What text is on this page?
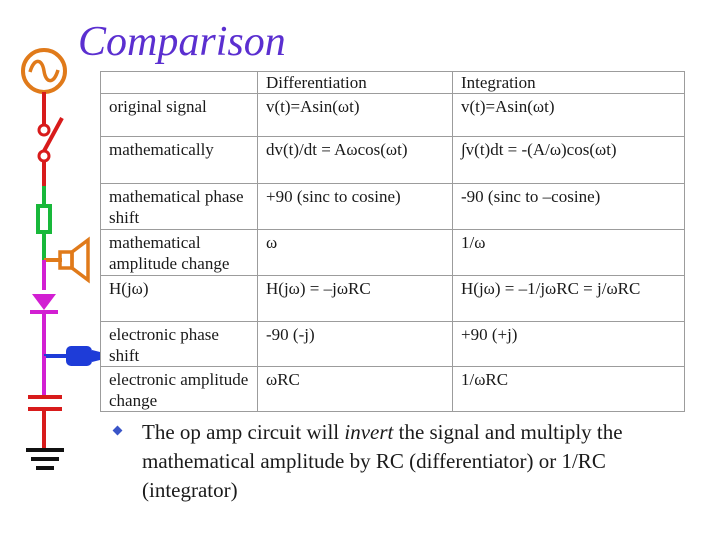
Comparison
	Differentiation	Integration
original signal	v(t)=Asin(ωt)	v(t)=Asin(ωt)
mathematically	dv(t)/dt = Aωcos(ωt)	∫v(t)dt = -(A/ω)cos(ωt)
mathematical phase shift	+90 (sinc to cosine)	-90 (sinc to –cosine)
mathematical amplitude change	ω	1/ω
H(jω)	H(jω) = –jωRC	H(jω) = –1/jωRC = j/ωRC
electronic phase shift	-90 (-j)	+90 (+j)
electronic amplitude change	ωRC	1/ωRC
The op amp circuit will invert the signal and multiply the mathematical amplitude by RC (differentiator) or 1/RC (integrator)
